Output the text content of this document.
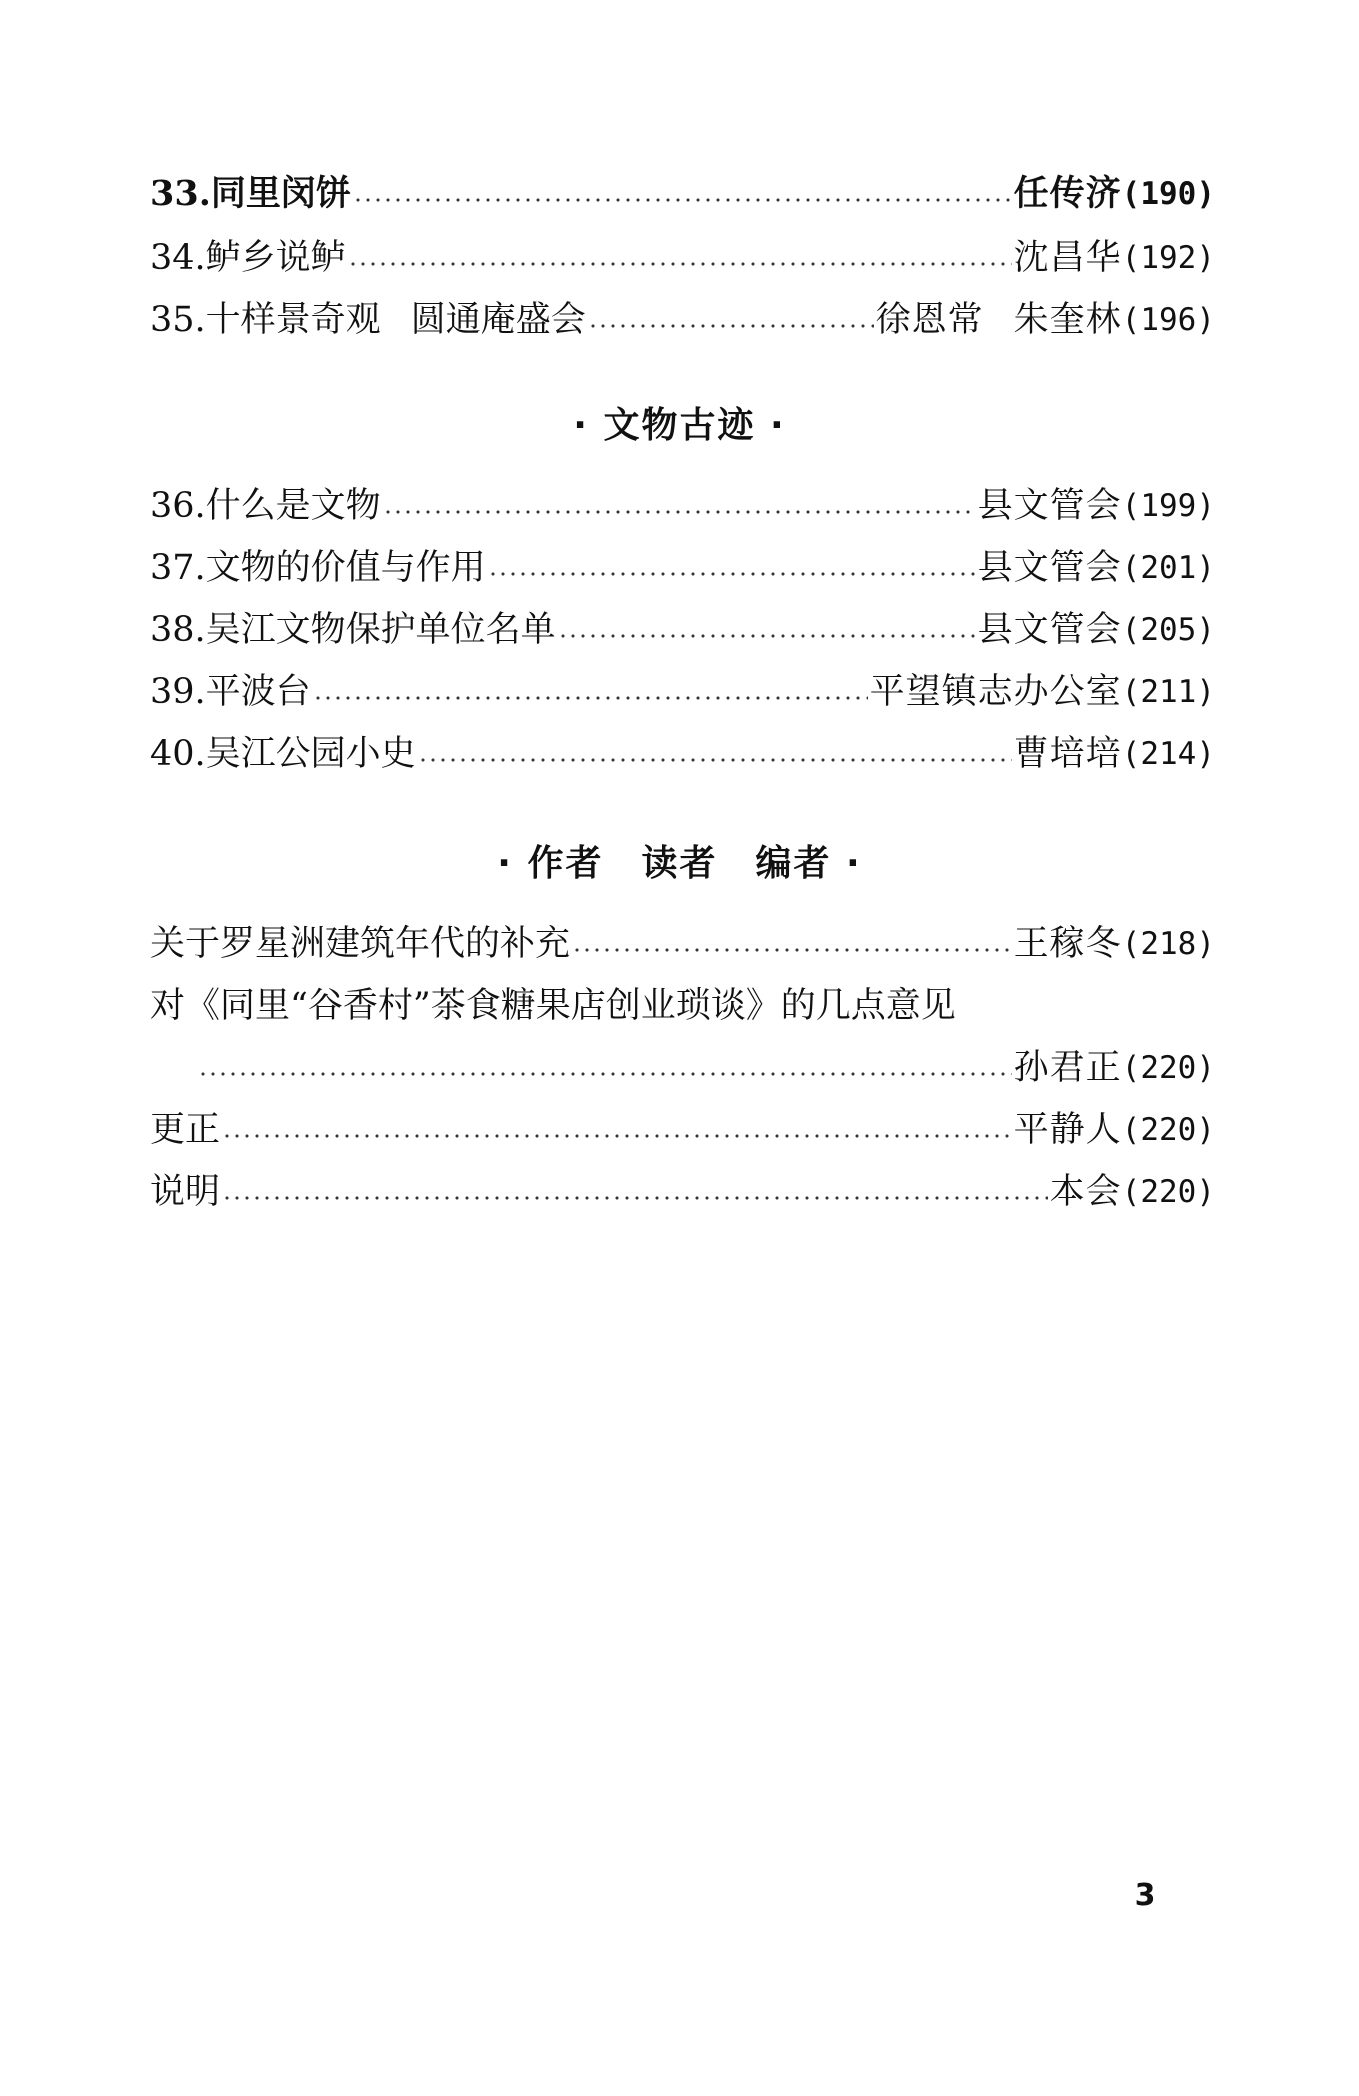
33. 同里闵饼	任传济 (190)
34. 鲈乡说鲈	沈昌华 (192)
35. 十样景奇观 圆通庵盛会	徐恩常 朱奎林 (196)
· 文物古迹 ·
36. 什么是文物	县文管会 (199)
37. 文物的价值与作用	县文管会 (201)
38. 吴江文物保护单位名单	县文管会 (205)
39. 平波台	平望镇志办公室 (211)
40. 吴江公园小史	曹培培 (214)
· 作者　读者　编者 ·
关于罗星洲建筑年代的补充	王稼冬 (218)
对《同里“谷香村”茶食糖果店创业琐谈》的几点意见
孙君正 (220)
更正	平静人 (220)
说明	本会 (220)
3
